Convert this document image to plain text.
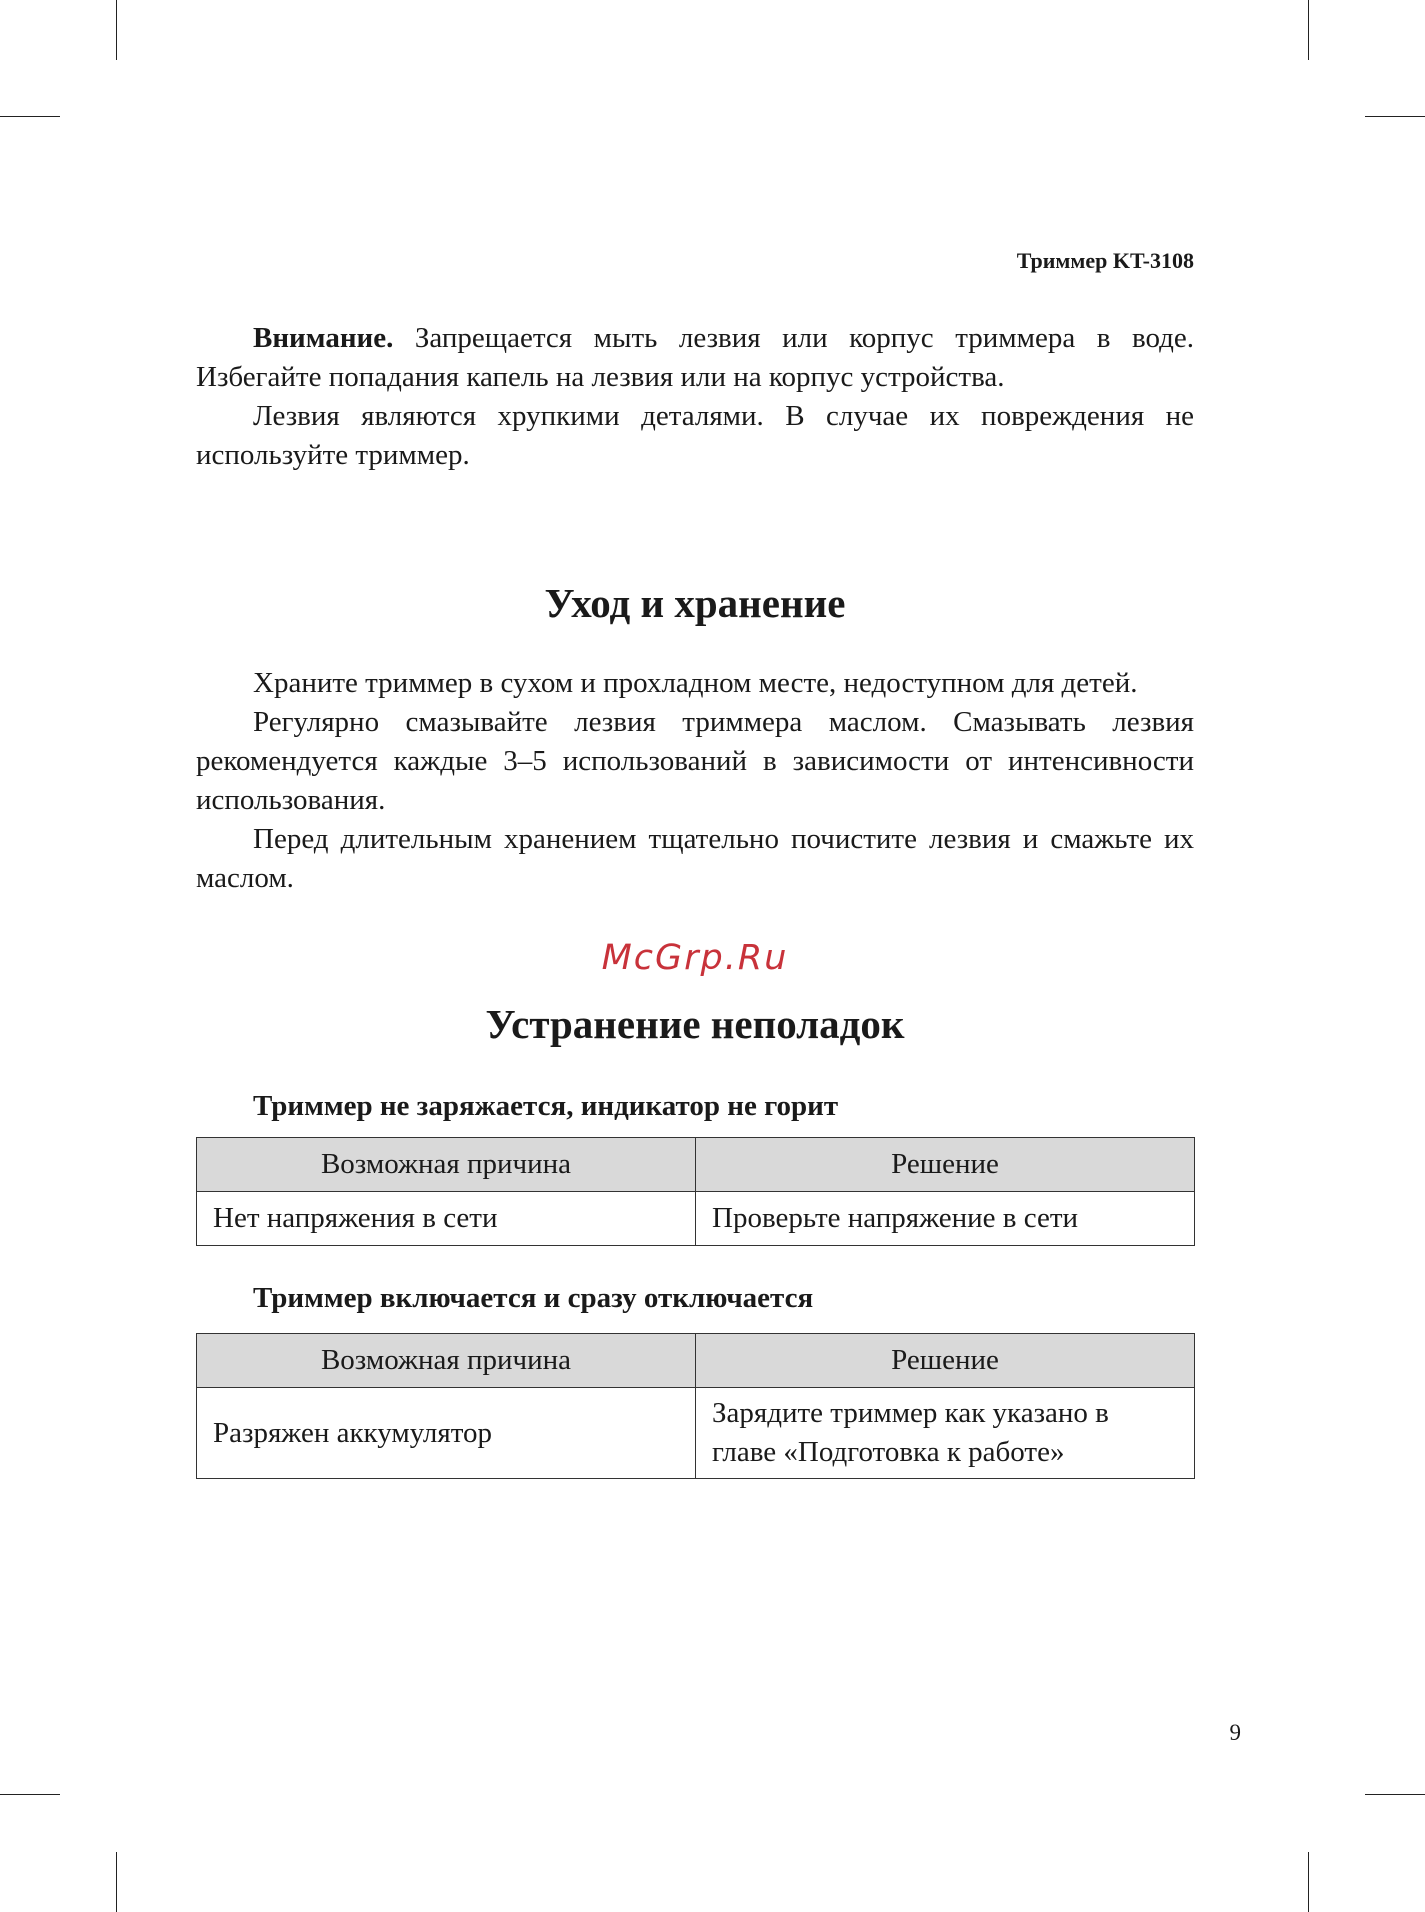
Триммер KT-3108

Внимание. Запрещается мыть лезвия или корпус триммера в воде. Избегайте попадания капель на лезвия или на корпус устройства.

Лезвия являются хрупкими деталями. В случае их повреждения не используйте триммер.

Уход и хранение

Храните триммер в сухом и прохладном месте, недоступном для детей.

Регулярно смазывайте лезвия триммера маслом. Смазывать лезвия рекомендуется каждые 3–5 использований в зависимости от интенсивности использования.

Перед длительным хранением тщательно почистите лезвия и смажьте их маслом.

McGrp.Ru

Устранение неполадок

Триммер не заряжается, индикатор не горит

Возможная причина	Решение
Нет напряжения в сети	Проверьте напряжение в сети

Триммер включается и сразу отключается

Возможная причина	Решение
Разряжен аккумулятор	Зарядите триммер как указано в главе «Подготовка к работе»

9
